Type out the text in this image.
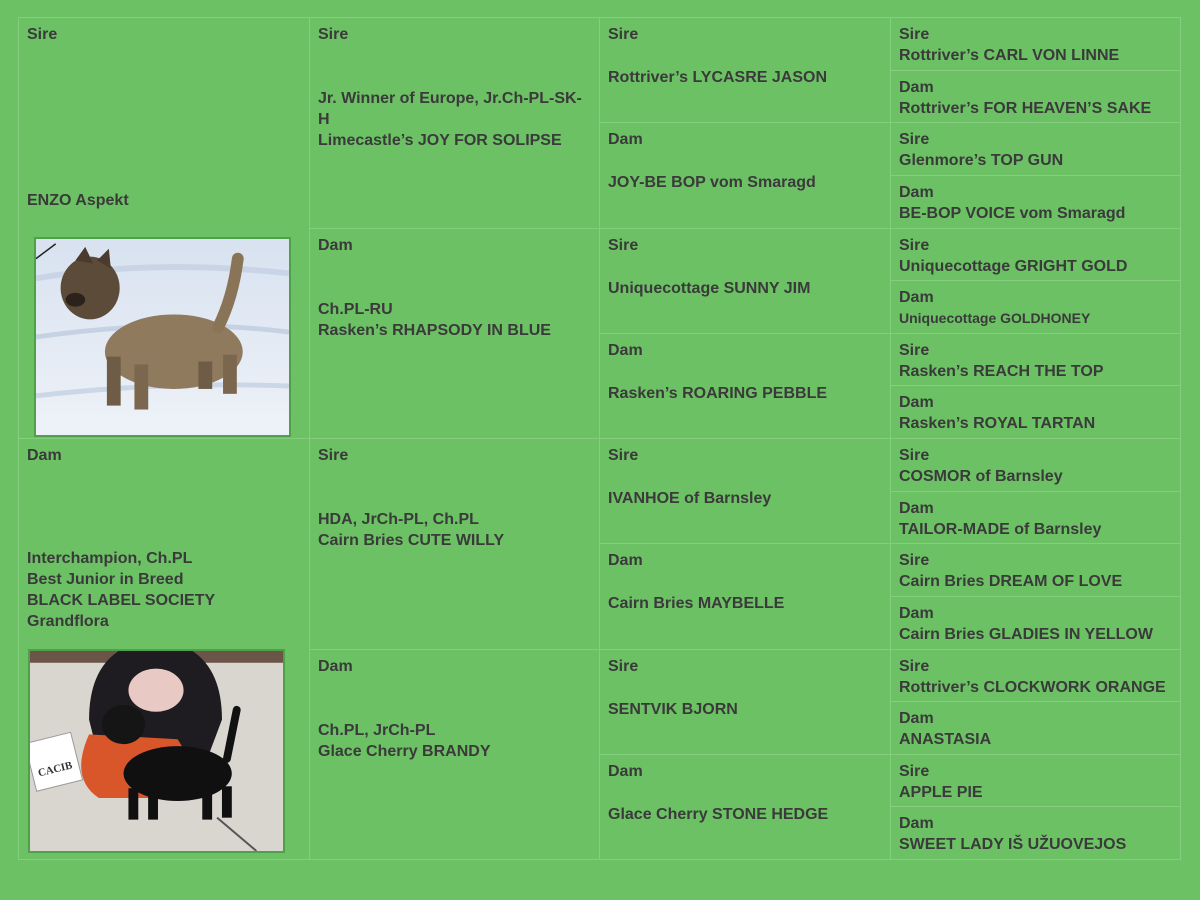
Sire
ENZO Aspekt
Dam
Interchampion, Ch.PL
Best Junior in Breed
BLACK LABEL SOCIETY
Grandflora
CACIB
Sire
Jr. Winner of Europe, Jr.Ch-PL-SK-H
Limecastle’s JOY FOR SOLIPSE
Dam
Ch.PL-RU
Rasken’s RHAPSODY IN BLUE
Sire
HDA, JrCh-PL, Ch.PL
Cairn Bries CUTE WILLY
Dam
Ch.PL, JrCh-PL
Glace Cherry BRANDY
Sire
Rottriver’s LYCASRE JASON
Dam
JOY-BE BOP vom Smaragd
Sire
Uniquecottage SUNNY JIM
Dam
Rasken’s ROARING PEBBLE
Sire
IVANHOE of Barnsley
Dam
Cairn Bries MAYBELLE
Sire
SENTVIK BJORN
Dam
Glace Cherry STONE HEDGE
Sire
Rottriver’s CARL VON LINNE
Dam
Rottriver’s FOR HEAVEN’S SAKE
Sire
Glenmore’s TOP GUN
Dam
BE-BOP VOICE vom Smaragd
Sire
Uniquecottage GRIGHT GOLD
Dam
Uniquecottage GOLDHONEY
Sire
Rasken’s REACH THE TOP
Dam
Rasken’s ROYAL TARTAN
Sire
COSMOR of Barnsley
Dam
TAILOR-MADE of Barnsley
Sire
Cairn Bries DREAM OF LOVE
Dam
Cairn Bries GLADIES IN YELLOW
Sire
Rottriver’s CLOCKWORK ORANGE
Dam
ANASTASIA
Sire
APPLE PIE
Dam
SWEET LADY IŠ UŽUOVEJOS
